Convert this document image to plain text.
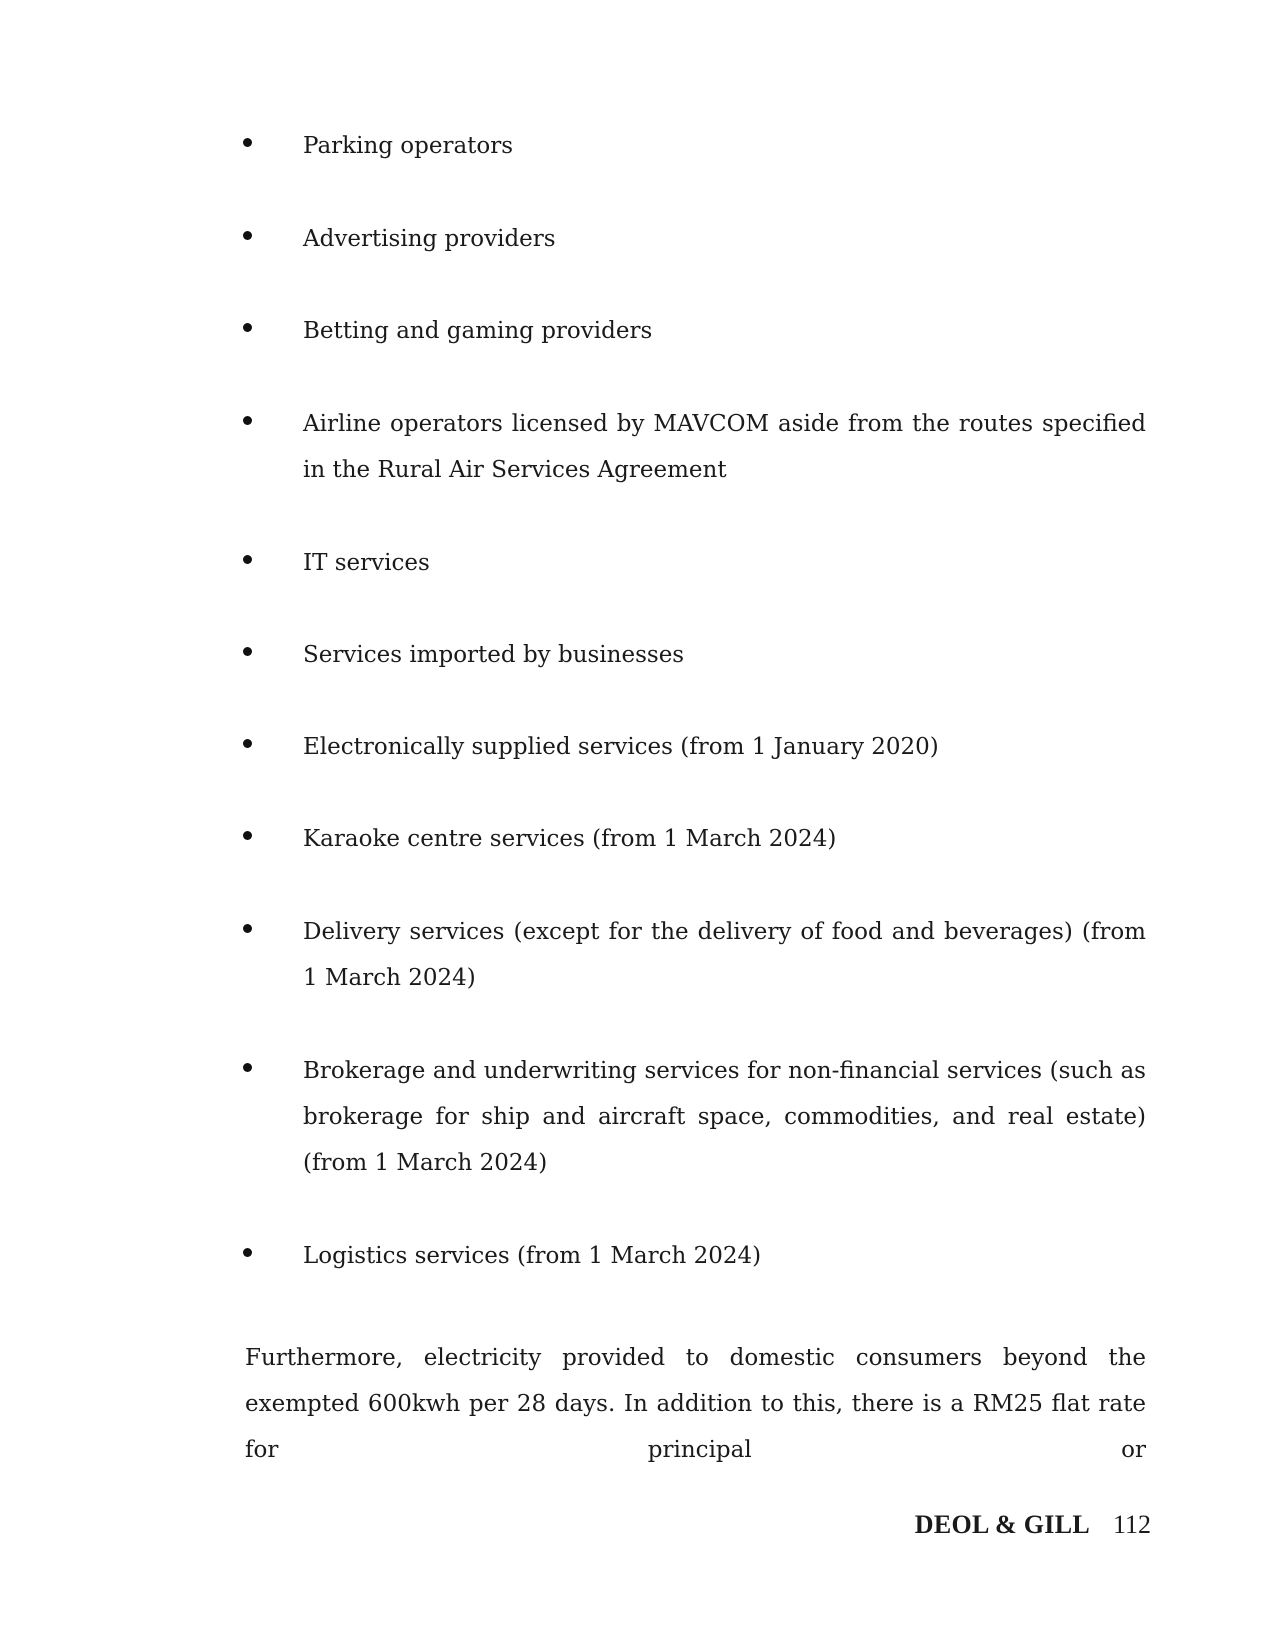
Parking operators
Advertising providers
Betting and gaming providers
Airline operators licensed by MAVCOM aside from the routes specified in the Rural Air Services Agreement
IT services
Services imported by businesses
Electronically supplied services (from 1 January 2020)
Karaoke centre services (from 1 March 2024)
Delivery services (except for the delivery of food and beverages) (from 1 March 2024)
Brokerage and underwriting services for non-financial services (such as brokerage for ship and aircraft space, commodities, and real estate) (from 1 March 2024)
Logistics services (from 1 March 2024)

Furthermore, electricity provided to domestic consumers beyond the exempted 600kwh per 28 days. In addition to this, there is a RM25 flat rate for principal or

DEOL & GILL 112
